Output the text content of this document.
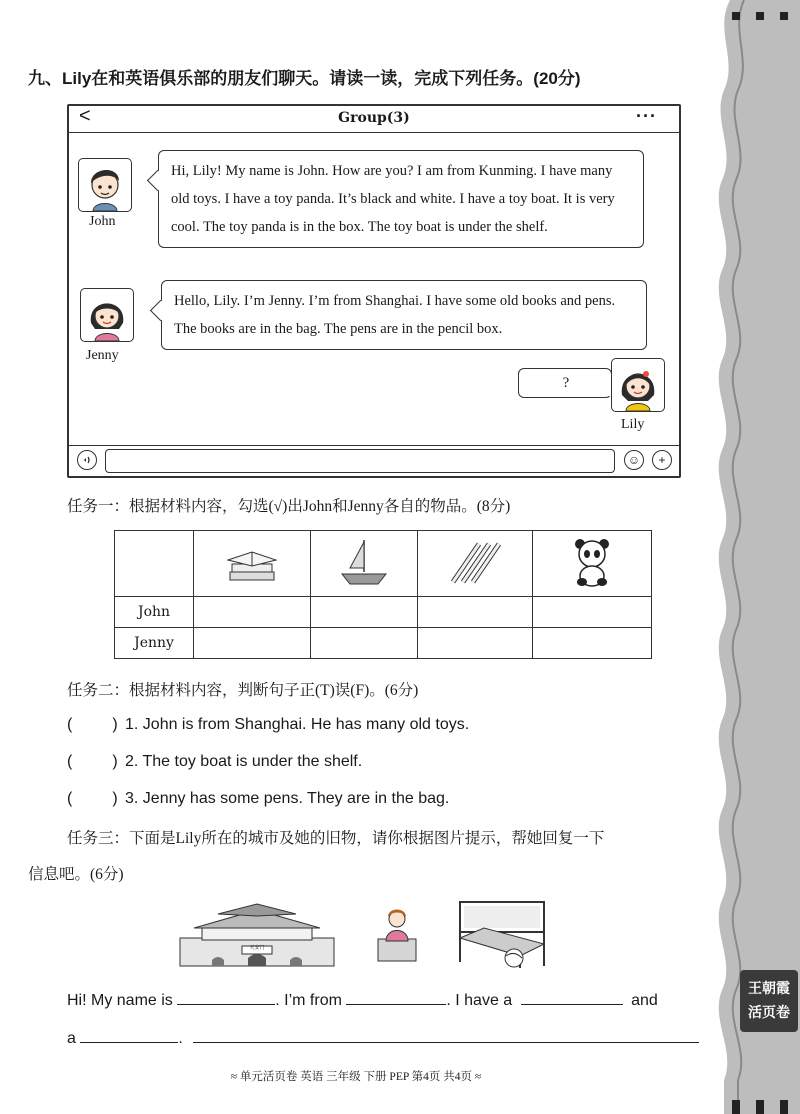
王朝霞
活页卷
九、Lily在和英语俱乐部的朋友们聊天。请读一读，完成下列任务。(20分)
<	Group(3)	···
John
Hi, Lily! My name is John. How are you? I am from Kunming. I have many old toys. I have a toy panda. It’s black and white. I have a toy boat. It is very cool. The toy panda is in the box. The toy boat is under the shelf.
Jenny
Hello, Lily. I’m Jenny. I’m from Shanghai. I have some old books and pens. The books are in the bag. The pens are in the pencil box.
?
Lily
☺	+
任务一：根据材料内容，勾选(√)出John和Jenny各自的物品。(8分)

John				
Jenny				
任务二：根据材料内容，判断句子正(T)误(F)。(6分)
(	) 1. John is from Shanghai. He has many old toys.
(	) 2. The toy boat is under the shelf.
(	) 3. Jenny has some pens. They are in the bag.
任务三：下面是Lily所在的城市及她的旧物，请你根据图片提示，帮她回复一下
信息吧。(6分)
天安门
Hi! My name is	. I’m from	. I have a	and
a	.
≈ 单元活页卷 英语 三年级 下册 PEP 第4页 共4页 ≈
